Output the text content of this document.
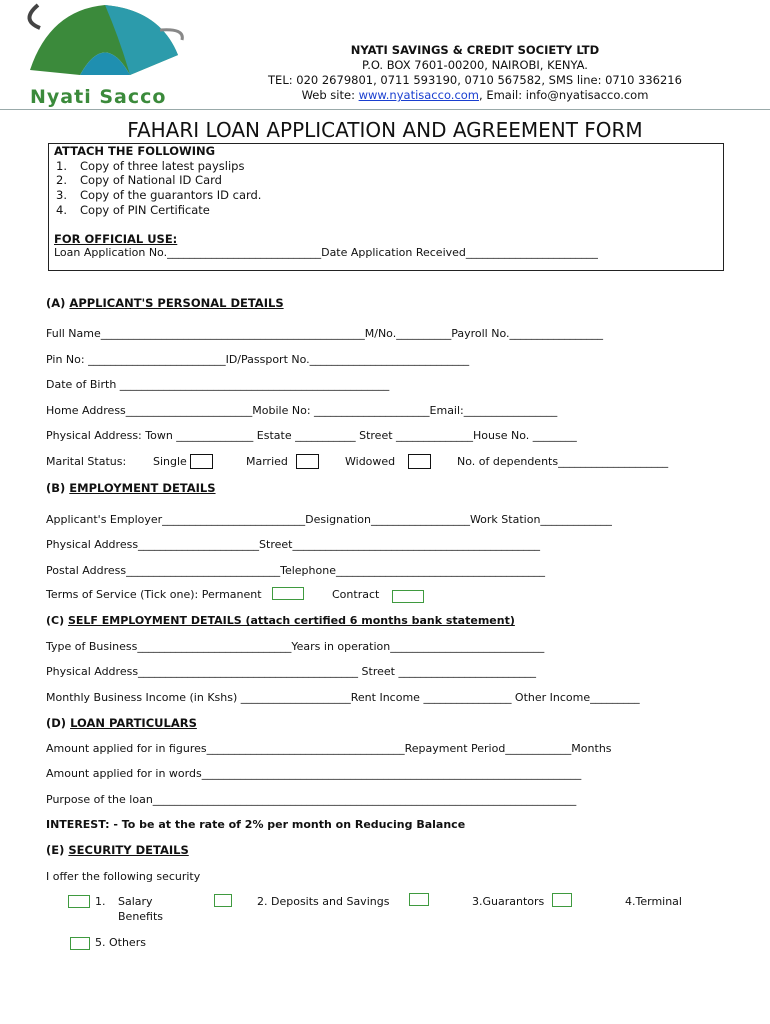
Nyati Sacco
NYATI SAVINGS & CREDIT SOCIETY LTD
P.O. BOX 7601-00200, NAIROBI, KENYA.
TEL: 020 2679801, 0711 593190, 0710 567582, SMS line: 0710 336216
Web site: www.nyatisacco.com, Email: info@nyatisacco.com
FAHARI LOAN APPLICATION AND AGREEMENT FORM
ATTACH THE FOLLOWING
1. Copy of three latest payslips
2. Copy of National ID Card
3. Copy of the guarantors ID card.
4. Copy of PIN Certificate
FOR OFFICIAL USE:
Loan Application No.____________________________Date Application Received________________________
(A) APPLICANT'S PERSONAL DETAILS
Full Name________________________________________________M/No.__________Payroll No._________________
Pin No: _________________________ID/Passport No._____________________________
Date of Birth _________________________________________________
Home Address_______________________Mobile No: _____________________Email:_________________
Physical Address: Town ______________ Estate ___________ Street ______________House No. ________
Marital Status: Single	Married	Widowed	No. of dependents____________________
(B) EMPLOYMENT DETAILS
Applicant's Employer__________________________Designation__________________Work Station_____________
Physical Address______________________Street_____________________________________________
Postal Address____________________________Telephone______________________________________
Terms of Service (Tick one): Permanent	Contract
(C) SELF EMPLOYMENT DETAILS (attach certified 6 months bank statement)
Type of Business____________________________Years in operation____________________________
Physical Address________________________________________ Street _________________________
Monthly Business Income (in Kshs) ____________________Rent Income ________________ Other Income_________
(D) LOAN PARTICULARS
Amount applied for in figures____________________________________Repayment Period____________Months
Amount applied for in words_____________________________________________________________________
Purpose of the loan_____________________________________________________________________________
INTEREST: - To be at the rate of 2% per month on Reducing Balance
(E) SECURITY DETAILS
I offer the following security
1. Salary
Benefits
2. Deposits and Savings	3.Guarantors	4.Terminal
5. Others
